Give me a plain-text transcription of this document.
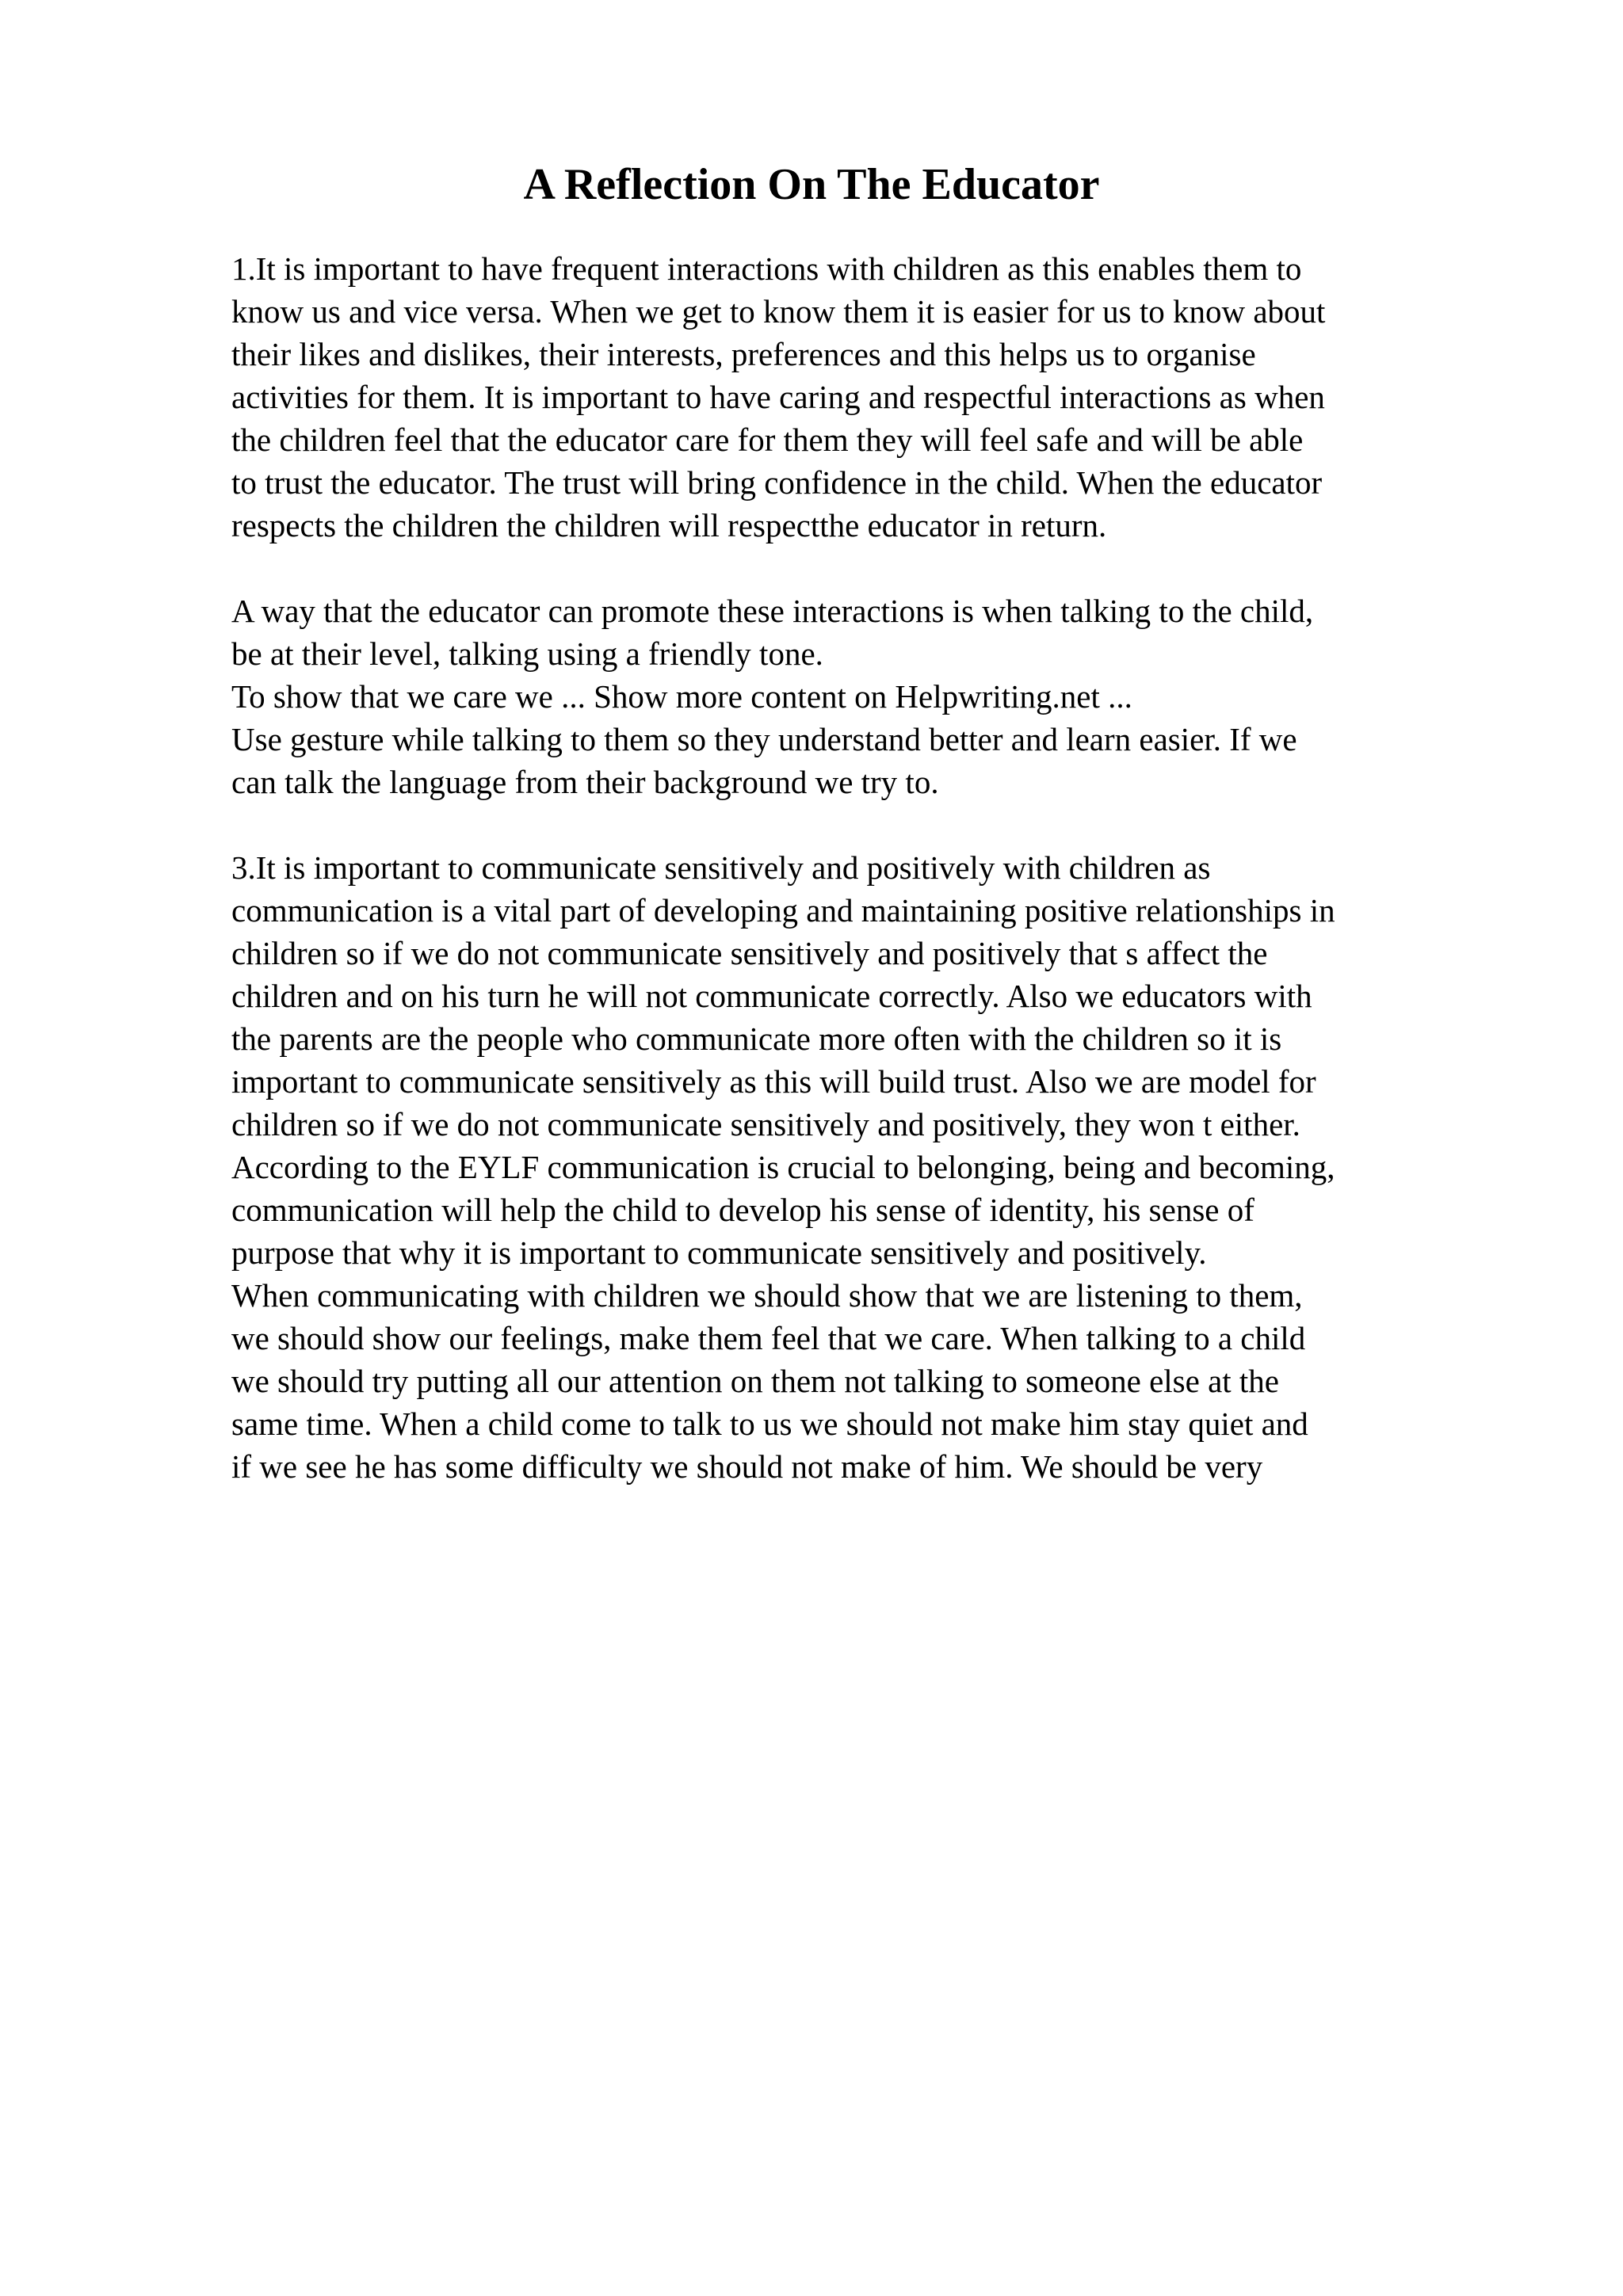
A Reflection On The Educator
1.It is important to have frequent interactions with children as this enables them to
know us and vice versa. When we get to know them it is easier for us to know about
their likes and dislikes, their interests, preferences and this helps us to organise
activities for them. It is important to have caring and respectful interactions as when
the children feel that the educator care for them they will feel safe and will be able
to trust the educator. The trust will bring confidence in the child. When the educator
respects the children the children will respectthe educator in return.
A way that the educator can promote these interactions is when talking to the child,
be at their level, talking using a friendly tone.
To show that we care we ... Show more content on Helpwriting.net ...
Use gesture while talking to them so they understand better and learn easier. If we
can talk the language from their background we try to.
3.It is important to communicate sensitively and positively with children as
communication is a vital part of developing and maintaining positive relationships in
children so if we do not communicate sensitively and positively that s affect the
children and on his turn he will not communicate correctly. Also we educators with
the parents are the people who communicate more often with the children so it is
important to communicate sensitively as this will build trust. Also we are model for
children so if we do not communicate sensitively and positively, they won t either.
According to the EYLF communication is crucial to belonging, being and becoming,
communication will help the child to develop his sense of identity, his sense of
purpose that why it is important to communicate sensitively and positively.
When communicating with children we should show that we are listening to them,
we should show our feelings, make them feel that we care. When talking to a child
we should try putting all our attention on them not talking to someone else at the
same time. When a child come to talk to us we should not make him stay quiet and
if we see he has some difficulty we should not make of him. We should be very
